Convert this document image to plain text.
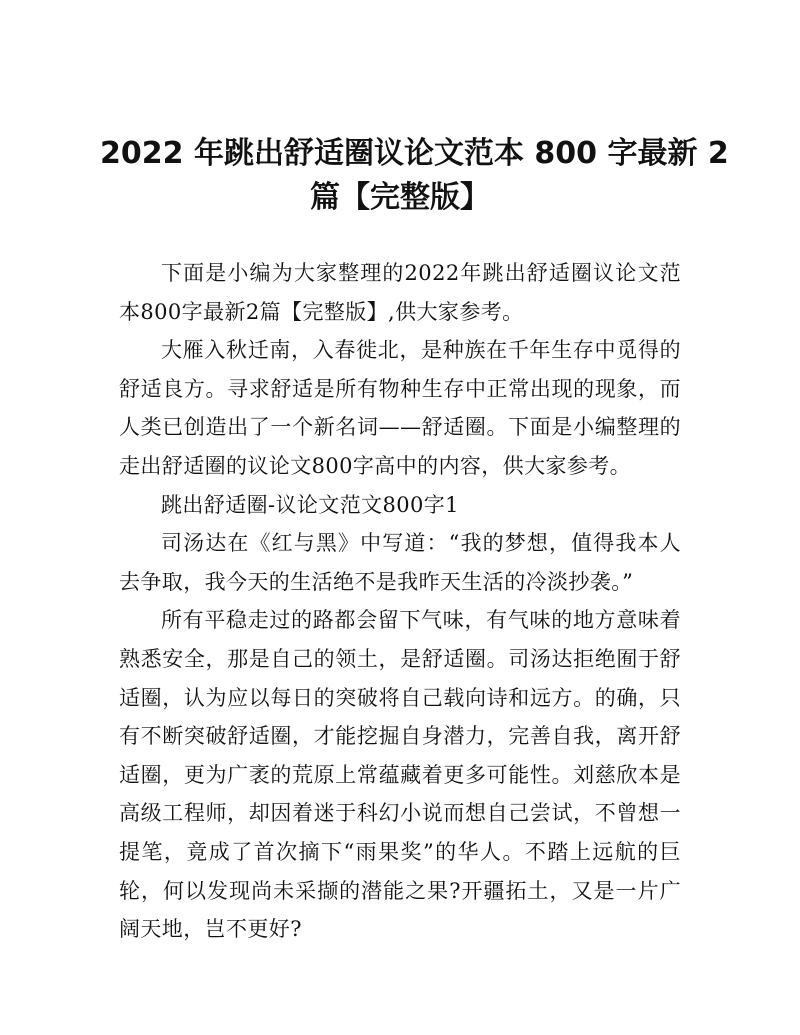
2022 年跳出舒适圈议论文范本 800 字最新 2
篇【完整版】

下面是小编为大家整理的2022年跳出舒适圈议论文范本800字最新2篇【完整版】,供大家参考。

大雁入秋迁南，入春徙北，是种族在千年生存中觅得的舒适良方。寻求舒适是所有物种生存中正常出现的现象，而人类已创造出了一个新名词——舒适圈。下面是小编整理的走出舒适圈的议论文800字高中的内容，供大家参考。

跳出舒适圈-议论文范文800字1

司汤达在《红与黑》中写道：“我的梦想，值得我本人去争取，我今天的生活绝不是我昨天生活的冷淡抄袭。”

所有平稳走过的路都会留下气味，有气味的地方意味着熟悉安全，那是自己的领土，是舒适圈。司汤达拒绝囿于舒适圈，认为应以每日的突破将自己载向诗和远方。的确，只有不断突破舒适圈，才能挖掘自身潜力，完善自我，离开舒适圈，更为广袤的荒原上常蕴藏着更多可能性。刘慈欣本是高级工程师，却因着迷于科幻小说而想自己尝试，不曾想一提笔，竟成了首次摘下“雨果奖”的华人。不踏上远航的巨轮，何以发现尚未采撷的潜能之果?开疆拓土，又是一片广阔天地，岂不更好?
